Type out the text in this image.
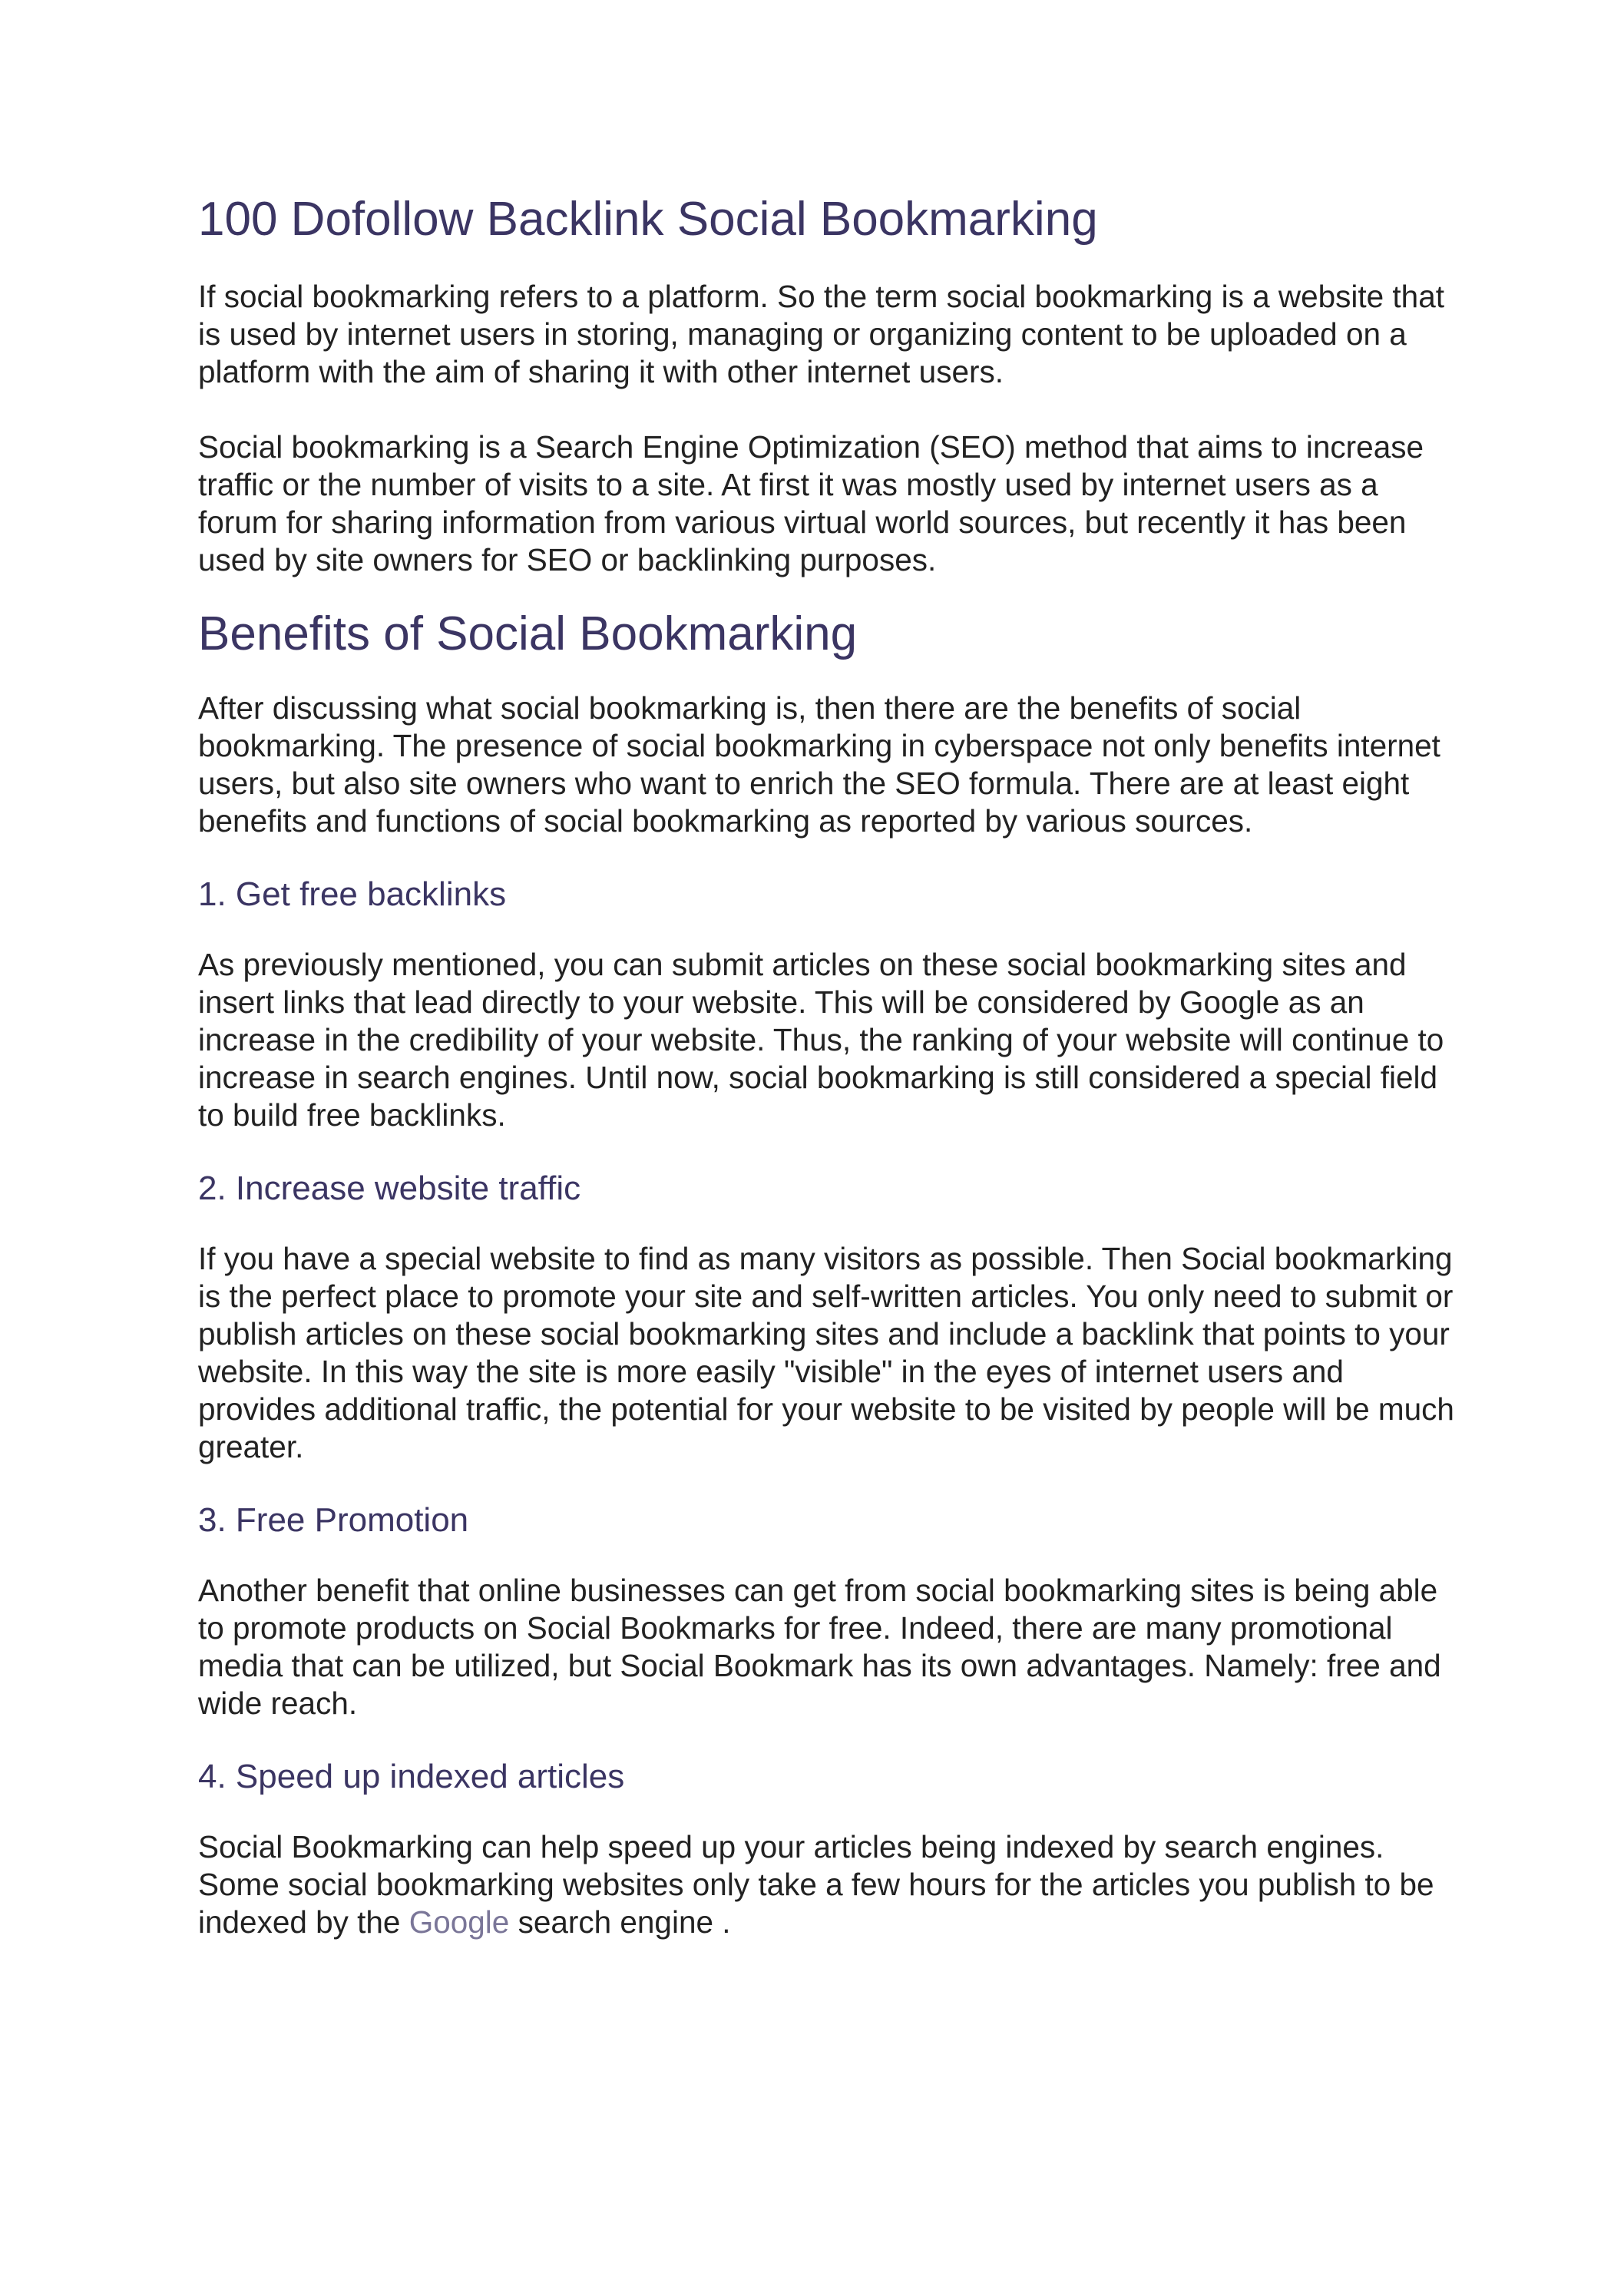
100 Dofollow Backlink Social Bookmarking

If social bookmarking refers to a platform. So the term social bookmarking is a website that is used by internet users in storing, managing or organizing content to be uploaded on a platform with the aim of sharing it with other internet users.

Social bookmarking is a Search Engine Optimization (SEO) method that aims to increase traffic or the number of visits to a site. At first it was mostly used by internet users as a forum for sharing information from various virtual world sources, but recently it has been used by site owners for SEO or backlinking purposes.

Benefits of Social Bookmarking

After discussing what social bookmarking is, then there are the benefits of social bookmarking. The presence of social bookmarking in cyberspace not only benefits internet users, but also site owners who want to enrich the SEO formula. There are at least eight benefits and functions of social bookmarking as reported by various sources.

1. Get free backlinks

As previously mentioned, you can submit articles on these social bookmarking sites and insert links that lead directly to your website. This will be considered by Google as an increase in the credibility of your website. Thus, the ranking of your website will continue to increase in search engines. Until now, social bookmarking is still considered a special field to build free backlinks.

2. Increase website traffic

If you have a special website to find as many visitors as possible. Then Social bookmarking is the perfect place to promote your site and self-written articles. You only need to submit or publish articles on these social bookmarking sites and include a backlink that points to your website. In this way the site is more easily "visible" in the eyes of internet users and provides additional traffic, the potential for your website to be visited by people will be much greater.

3. Free Promotion

Another benefit that online businesses can get from social bookmarking sites is being able to promote products on Social Bookmarks for free. Indeed, there are many promotional media that can be utilized, but Social Bookmark has its own advantages. Namely: free and wide reach.

4. Speed up indexed articles

Social Bookmarking can help speed up your articles being indexed by search engines. Some social bookmarking websites only take a few hours for the articles you publish to be indexed by the Google search engine .
